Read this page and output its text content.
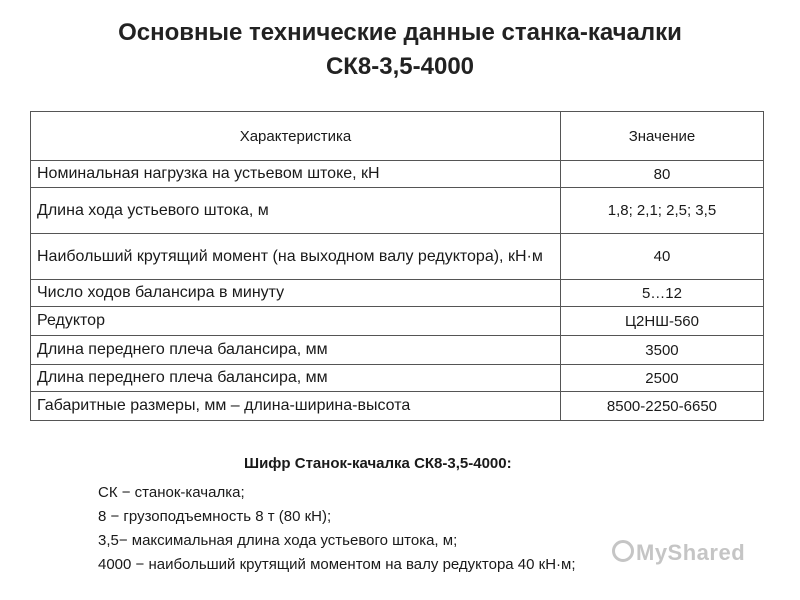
Основные технические данные станка-качалки
СК8-3,5-4000
Характеристика	Значение
Номинальная нагрузка на устьевом штоке, кН	80
Длина хода устьевого штока, м	1,8; 2,1; 2,5; 3,5
Наибольший крутящий момент (на выходном валу редуктора), кН·м	40
Число ходов балансира в минуту	5…12
Редуктор	Ц2НШ-560
Длина переднего плеча балансира, мм	3500
Длина переднего плеча балансира, мм	2500
Габаритные размеры, мм – длина-ширина-высота	8500-2250-6650
Шифр Станок-качалка СК8-3,5-4000:
СК − станок-качалка;
8 − грузоподъемность 8 т (80 кН);
3,5− максимальная длина хода устьевого штока, м;
4000 − наибольший крутящий моментом на валу редуктора 40 кН·м;	MyShared
